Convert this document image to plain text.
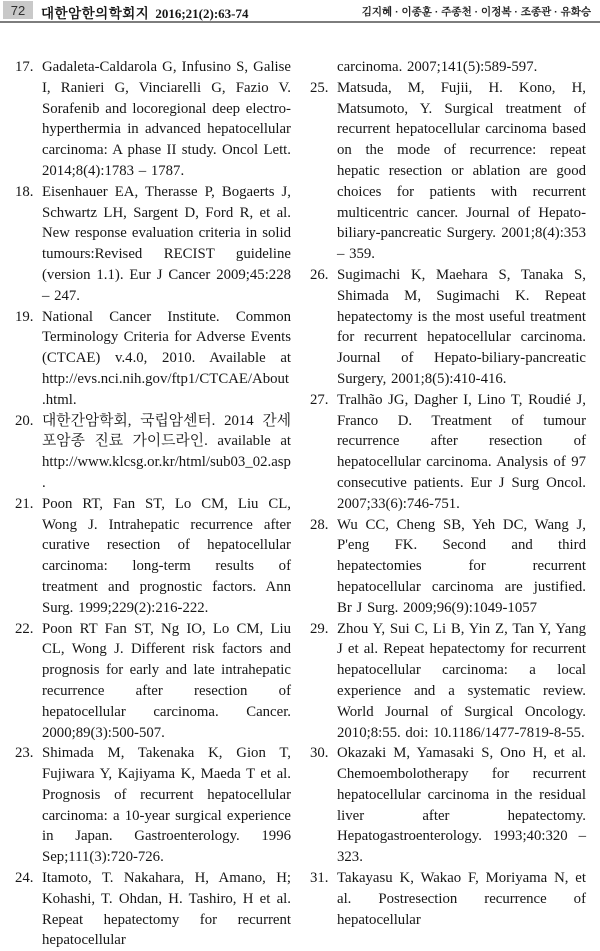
72	대한암한의학회지 2016;21(2):63-74	김지혜 · 이종훈 · 주종천 · 이정복 · 조종관 · 유화승
17. Gadaleta-Caldarola G, Infusino S, Galise I, Ranieri G, Vinciarelli G, Fazio V. Sorafenib and locoregional deep electro-hyperthermia in advanced hepatocellular carcinoma: A phase II study. Oncol Lett. 2014;8(4):1783 – 1787.
18. Eisenhauer EA, Therasse P, Bogaerts J, Schwartz LH, Sargent D, Ford R, et al. New response evaluation criteria in solid tumours:Revised RECIST guideline (version 1.1). Eur J Cancer 2009;45:228 – 247.
19. National Cancer Institute. Common Terminology Criteria for Adverse Events (CTCAE) v.4.0, 2010. Available at http://evs.nci.nih.gov/ftp1/CTCAE/About.html.
20. 대한간암학회, 국립암센터. 2014 간세포암종 진료 가이드라인. available at http://www.klcsg.or.kr/html/sub03_02.asp.
21. Poon RT, Fan ST, Lo CM, Liu CL, Wong J. Intrahepatic recurrence after curative resection of hepatocellular carcinoma: long-term results of treatment and prognostic factors. Ann Surg. 1999;229(2):216-222.
22. Poon RT Fan ST, Ng IO, Lo CM, Liu CL, Wong J. Different risk factors and prognosis for early and late intrahepatic recurrence after resection of hepatocellular carcinoma. Cancer. 2000;89(3):500-507.
23. Shimada M, Takenaka K, Gion T, Fujiwara Y, Kajiyama K, Maeda T et al. Prognosis of recurrent hepatocellular carcinoma: a 10-year surgical experience in Japan. Gastroenterology. 1996 Sep;111(3):720-726.
24. Itamoto, T. Nakahara, H, Amano, H; Kohashi, T. Ohdan, H. Tashiro, H et al. Repeat hepatectomy for recurrent hepatocellular
carcinoma. 2007;141(5):589-597.
25. Matsuda, M, Fujii, H. Kono, H, Matsumoto, Y. Surgical treatment of recurrent hepatocellular carcinoma based on the mode of recurrence: repeat hepatic resection or ablation are good choices for patients with recurrent multicentric cancer. Journal of Hepato-biliary-pancreatic Surgery. 2001;8(4):353 – 359.
26. Sugimachi K, Maehara S, Tanaka S, Shimada M, Sugimachi K. Repeat hepatectomy is the most useful treatment for recurrent hepatocellular carcinoma. Journal of Hepato-biliary-pancreatic Surgery, 2001;8(5):410-416.
27. Tralhão JG, Dagher I, Lino T, Roudié J, Franco D. Treatment of tumour recurrence after resection of hepatocellular carcinoma. Analysis of 97 consecutive patients. Eur J Surg Oncol. 2007;33(6):746-751.
28. Wu CC, Cheng SB, Yeh DC, Wang J, P'eng FK. Second and third hepatectomies for recurrent hepatocellular carcinoma are justified. Br J Surg. 2009;96(9):1049-1057
29. Zhou Y, Sui C, Li B, Yin Z, Tan Y, Yang J et al. Repeat hepatectomy for recurrent hepatocellular carcinoma: a local experience and a systematic review. World Journal of Surgical Oncology. 2010;8:55. doi: 10.1186/1477-7819-8-55.
30. Okazaki M, Yamasaki S, Ono H, et al. Chemoembolotherapy for recurrent hepatocellular carcinoma in the residual liver after hepatectomy. Hepatogastroenterology. 1993;40:320 – 323.
31. Takayasu K, Wakao F, Moriyama N, et al. Postresection recurrence of hepatocellular
